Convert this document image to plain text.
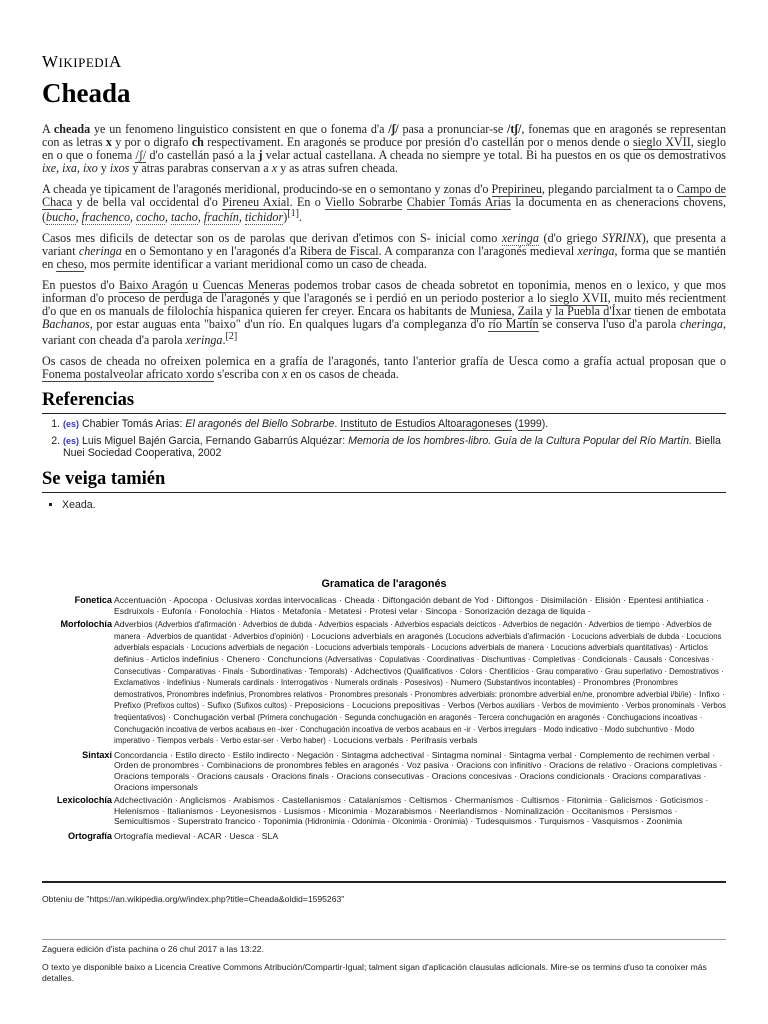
WIKIPEDIA
Cheada

A cheada ye un fenomeno linguistico consistent en que o fonema d'a /ʃ/ pasa a pronunciar-se /tʃ/, fonemas que en aragonés se representan con as letras x y por o digrafo ch respectivament. En aragonés se produce por presión d'o castellán por o menos dende o sieglo XVII, sieglo en o que o fonema /ʃ/ d'o castellán pasó a la j velar actual castellana. A cheada no siempre ye total. Bi ha puestos en os que os demostrativos ixe, ixa, ixo y ixos y atras parabras conservan a x y as atras sufren cheada.

A cheada ye tipicament de l'aragonés meridional, producindo-se en o semontano y zonas d'o Prepirineu, plegando parcialment ta o Campo de Chaca y de bella val occidental d'o Pireneu Axial. En o Viello Sobrarbe Chabier Tomás Arias la documenta en as cheneracions chovens, (bucho, frachenco, cocho, tacho, frachín, tichidor)[1].

Casos mes dificils de detectar son os de parolas que derivan d'etimos con S- inicial como xeringa (d'o griego SYRINX), que presenta a variant cheringa en o Semontano y en l'aragonés d'a Ribera de Fiscal. A comparanza con l'aragonés medieval xeringa, forma que se mantién en cheso, mos permite identificar a variant meridional como un caso de cheada.

En puestos d'o Baixo Aragón u Cuencas Meneras podemos trobar casos de cheada sobretot en toponimia, menos en o lexico, y que mos informan d'o proceso de perduga de l'aragonés y que l'aragonés se i perdió en un periodo posterior a lo sieglo XVII, muito més recientment d'o que en os manuals de filolochía hispanica quieren fer creyer. Encara os habitants de Muniesa, Zaila y la Puebla d'Íxar tienen de embotata Bachanos, por estar auguas enta "baixo" d'un río. En qualques lugars d'a compleganza d'o río Martín se conserva l'uso d'a parola cheringa, variant con cheada d'a parola xeringa.[2]

Os casos de cheada no ofreixen polemica en a grafía de l'aragonés, tanto l'anterior grafía de Uesca como a grafía actual proposan que o Fonema postalveolar africato xordo s'escriba con x en os casos de cheada.

Referencias
1. (es) Chabier Tomás Arias: El aragonés del Biello Sobrarbe. Instituto de Estudios Altoaragoneses (1999).
2. (es) Luis Miguel Bajén Garcia, Fernando Gabarrús Alquézar: Memoria de los hombres-libro. Guía de la Cultura Popular del Río Martín. Biella Nuei Sociedad Cooperativa, 2002
Se veiga tamién
▪ Xeada.
Gramatica de l'aragonés
Fonetica Accentuación · Apocopa · Oclusivas xordas intervocalicas · Cheada · Diftongación debant de Yod · Diftongos · Disimilación · Elisión · Epentesi antihiatica · Esdruixols · Eufonía · Fonolochía · Hiatos · Metafonía · Metatesi · Protesi velar · Sincopa · Sonorización dezaga de liquida ·
Morfolochía Adverbios (Adverbios d'afirmación · Adverbios de dubda · Adverbios espacials · Adverbios espacials deicticos · Adverbios de negación · Adverbios de tiempo · Adverbios de manera · Adverbios de quantidat · Adverbios d'opinión) · Locucions adverbials en aragonés (Locucions adverbials d'afirmación · Locucions adverbials de dubda · Locucions adverbials espacials · Locucions adverbials de negación · Locucions adverbials temporals · Locucions adverbials de manera · Locucions adverbials quantitativas) · Articlos definius · Articlos indefinius · Chenero · Conchuncions (Adversativas · Copulativas · Coordinativas · Dischuntivas · Completivas · Condicionals · Causals · Concesivas · Consecutivas · Comparativas · Finals · Subordinativas · Temporals) · Adchectivos (Qualificativos · Colors · Chentilicios · Grau comparativo · Grau superlativo · Demostrativos · Exclamativos · Indefinius · Numerals cardinals · Interrogativos · Numerals ordinals · Posesivos) · Numero (Substantivos incontables) · Pronombres (Pronombres demostrativos, Pronombres indefinius, Pronombres relativos · Pronombres presonals · Pronombres adverbials: pronombre adverbial en/ne, pronombre adverbial i/bi/ie) · Infixo · Prefixo (Prefixos cultos) · Sufixo (Sufixos cultos) · Preposicions · Locucions prepositivas · Verbos (Verbos auxiliars · Verbos de movimiento · Verbos pronominals · Verbos freqüentativos) · Conchugación verbal (Primera conchugación · Segunda conchugación en aragonés · Tercera conchugación en aragonés · Conchugacions incoativas · Conchugación incoativa de verbos acabaus en -ixer · Conchugación incoativa de verbos acabaus en -ir · Verbos irregulars · Modo indicativo · Modo subchuntivo · Modo imperativo · Tiempos verbals · Verbo estar-ser · Verbo haber) · Locucions verbals · Perifrasis verbals
Sintaxi Concordancia · Estilo directo · Estilo indirecto · Negación · Sintagma adchectival · Sintagma nominal · Sintagma verbal · Complemento de rechimen verbal · Orden de pronombres · Combinacions de pronombres febles en aragonés · Voz pasiva · Oracions con infinitivo · Oracions de relativo · Oracions completivas · Oracions temporals · Oracions causals · Oracions finals · Oracions consecutivas · Oracions concesivas · Oracions condicionals · Oracions comparativas · Oracions impersonals
Lexicolochía Adchectivación · Anglicismos · Arabismos · Castellanismos · Catalanismos · Celtismos · Chermanismos · Cultismos · Fitonimia · Galicismos · Goticismos · Helenismos · Italianismos · Leyonesismos · Lusismos · Miconimia · Mozarabismos · Neerlandismos · Nominalización · Occitanismos · Persismos · Semicultismos · Superstrato francico · Toponimia (Hidronimia · Odonimia · Olconimia · Oronimia) · Tudesquismos · Turquismos · Vasquismos · Zoonimia
Ortografía Ortografía medieval · ACAR · Uesca · SLA
Obteniu de "https://an.wikipedia.org/w/index.php?title=Cheada&oldid=1595263"
Zaguera edición d'ista pachina o 26 chul 2017 a las 13:22.
O texto ye disponible baixo a Licencia Creative Commons Atribución/Compartir-Igual; talment sigan d'aplicación clausulas adicionals. Mire-se os termins d'uso ta conoixer más detalles.
